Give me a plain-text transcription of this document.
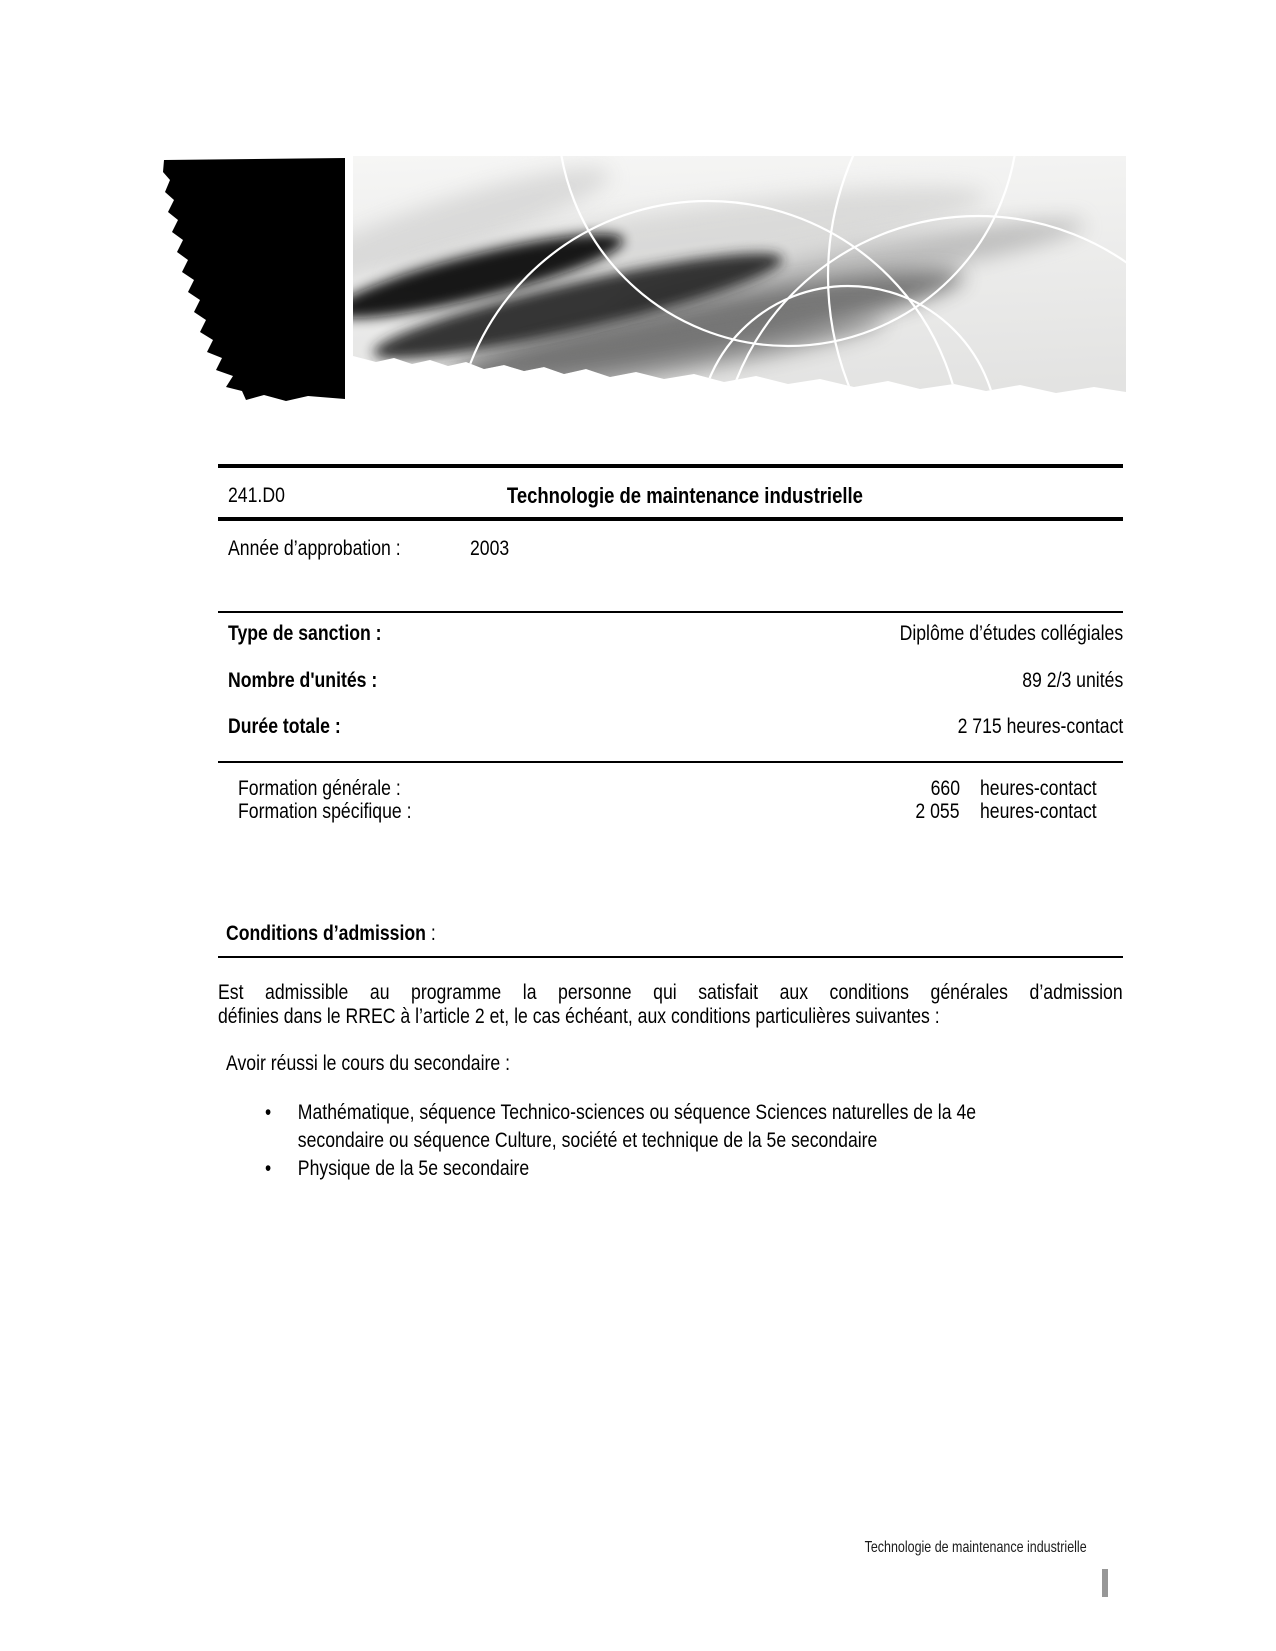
241.D0	Technologie de maintenance industrielle
Année d’approbation :	2003
Type de sanction :	Diplôme d’études collégiales
Nombre d'unités :	89 2/3 unités
Durée totale :	2 715 heures-contact
Formation générale :	660 heures-contact
Formation spécifique :	2 055 heures-contact
Conditions d’admission :
Est admissible au programme la personne qui satisfait aux conditions générales d’admission
définies dans le RREC à l’article 2 et, le cas échéant, aux conditions particulières suivantes :
Avoir réussi le cours du secondaire :
• Mathématique, séquence Technico-sciences ou séquence Sciences naturelles de la 4e secondaire ou séquence Culture, société et technique de la 5e secondaire
• Physique de la 5e secondaire
Technologie de maintenance industrielle
